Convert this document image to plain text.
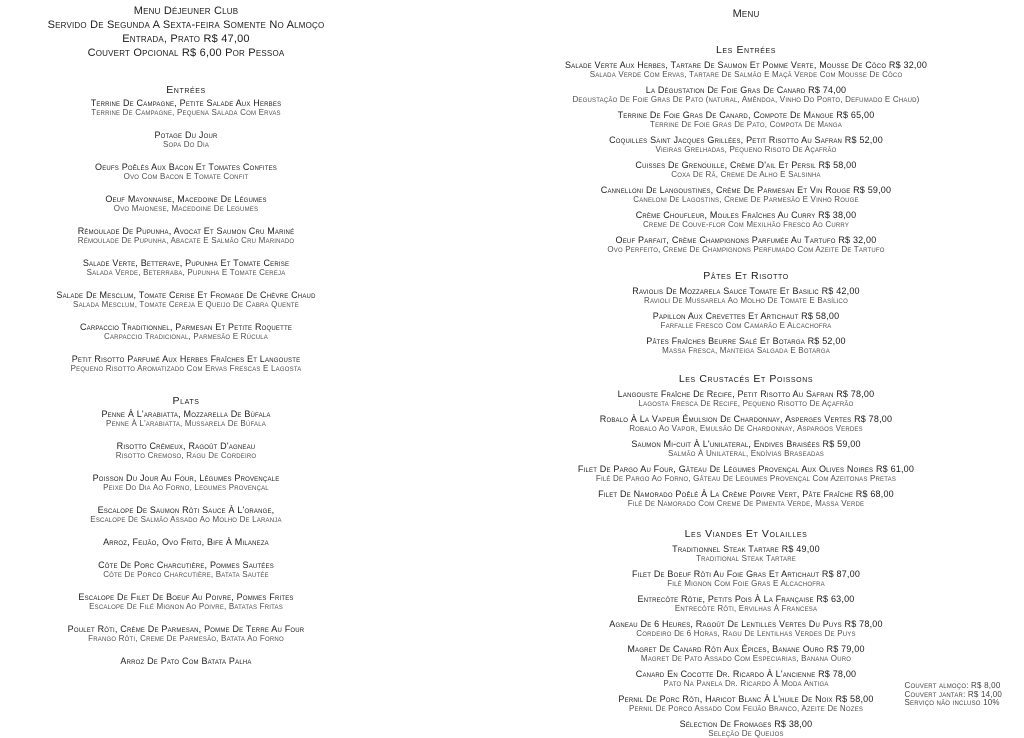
Menu Déjeuner Club
Servido De Segunda A Sexta-feira Somente No Almoço
Entrada, Prato R$ 47,00
Couvert Opcional R$ 6,00 Por Pessoa
Entrées
Terrine De Campagne, Petite Salade Aux Herbes
Terrine De Campagne, Pequena Salada Com Ervas
Potage Du Jour
Sopa Do Dia
Oeufs Poêlés Aux Bacon Et Tomates Confites
Ovo Com Bacon E Tomate Confit
Oeuf Mayonnaise, Macedoine De Légumes
Ovo Maionese, Macedoine De Legumes
Rémoulade De Pupunha, Avocat Et Saumon Cru Mariné
Rémoulade De Pupunha, Abacate E Salmão Cru Marinado
Salade Verte, Betterave, Pupunha Et Tomate Cerise
Salada Verde, Beterraba, Pupunha E Tomate Cereja
Salade De Mesclum, Tomate Cerise Et Fromage De Chèvre Chaud
Salada Mesclum, Tomate Cereja E Queijo De Cabra Quente
Carpaccio Traditionnel, Parmesan Et Petite Roquette
Carpaccio Tradicional, Parmesão E Rúcula
Petit Risotto Parfumé Aux Herbes Fraîches Et Langouste
Pequeno Risotto Aromatizado Com Ervas Frescas E Lagosta
Plats
Penne À L'arabiatta, Mozzarella De Búfala
Penne À L'arabiatta, Mussarela De Búfala
Risotto Crémeux, Ragoût D'agneau
Risotto Cremoso, Ragu De Cordeiro
Poisson Du Jour Au Four, Légumes Provençale
Peixe Do Dia Ao Forno, Legumes Provençal
Escalope De Saumon Rôti Sauce À L'orange,
Escalope De Salmão Assado Ao Molho De Laranja
Arroz, Feijão, Ovo Frito, Bife À Milaneza
Côte De Porc Charcutière, Pommes Sautées
Côte De Porco Charcutière, Batata Sautée
Escalope De Filet De Boeuf Au Poivre, Pommes Frites
Escalope De Filé Mignon Ao Poivre, Batatas Fritas
Poulet Rôti, Crème De Parmesan, Pomme De Terre Au Four
Frango Rôti, Creme De Parmesão, Batata Ao Forno
Arroz De Pato Com Batata Palha
Menu
Les Entrées
Salade Verte Aux Herbes, Tartare De Saumon Et Pomme Verte, Mousse De Côco R$ 32,00
Salada Verde Com Ervas, Tartare De Salmão E Maçã Verde Com Mousse De Côco
La Dégustation De Foie Gras De Canard R$ 74,00
Degustação De Foie Gras De Pato (natural, Amêndoa, Vinho Do Porto, Defumado E Chaud)
Terrine De Foie Gras De Canard, Compote De Mangue R$ 65,00
Terrine De Foie Gras De Pato, Compota De Manga
Coquilles Saint Jacques Grillées, Petit Risotto Au Safran R$ 52,00
Vieiras Grelhadas, Pequeno Risoto De Açafrão
Cuisses De Grenouille, Crème D'ail Et Persil R$ 58,00
Coxa De Rã, Creme De Alho E Salsinha
Cannelloni De Langoustines, Crème De Parmesan Et Vin Rouge R$ 59,00
Caneloni De Lagostins, Creme De Parmesão E Vinho Rouge
Crème Choufleur, Moules Fraîches Au Curry R$ 38,00
Creme De Couve-flor Com Mexilhão Fresco Ao Curry
Oeuf Parfait, Crème Champignons Parfumée Au Tartufo R$ 32,00
Ovo Perfeito, Creme De Champignons Perfumado Com Azeite De Tartufo
Pâtes Et Risotto
Raviolis De Mozzarela Sauce Tomate Et Basilic R$ 42,00
Ravioli De Mussarela Ao Molho De Tomate E Basílico
Papillon Aux Crevettes Et Artichaut R$ 58,00
Farfalle Fresco Com Camarão E Alcachofra
Pâtes Fraîches Beurre Salé Et Botarga R$ 52,00
Massa Fresca, Manteiga Salgada E Botarga
Les Crustacés Et Poissons
Langouste Fraîche De Recife, Petit Risotto Au Safran R$ 78,00
Lagosta Fresca De Recife, Pequeno Risotto De Açafrão
Robalo À La Vapeur Émulsion De Chardonnay, Asperges Vertes R$ 78,00
Robalo Ao Vapor, Emulsão De Chardonnay, Aspargos Verdes
Saumon Mi-cuit À L'unilateral, Endives Braisées R$ 59,00
Salmão À Unilateral, Endívias Braseadas
Filet De Pargo Au Four, Gâteau De Légumes Provençal Aux Olives Noires R$ 61,00
Filé De Pargo Ao Forno, Gâteau De Legumes Provençal Com Azeitonas Pretas
Filet De Namorado Poêlé À La Crème Poivre Vert, Pâte Fraîche R$ 68,00
Filé De Namorado Com Creme De Pimenta Verde, Massa Verde
Les Viandes Et Volailles
Traditionnel Steak Tartare R$ 49,00
Traditional Steak Tartare
Filet De Boeuf Rôti Au Foie Gras Et Artichaut R$ 87,00
Filé Mignon Com Foie Gras E Alcachofra
Entrecôte Rôtie, Petits Pois À La Française R$ 63,00
Entrecôte Rôti, Ervilhas À Francesa
Agneau De 6 Heures, Ragoût De Lentilles Vertes Du Puys R$ 78,00
Cordeiro De 6 Horas, Ragu De Lentilhas Verdes De Puys
Magret De Canard Rôti Aux Épices, Banane Ouro R$ 79,00
Magret De Pato Assado Com Especiarias, Banana Ouro
Canard En Cocotte Dr. Ricardo À L'ancienne R$ 78,00
Pato Na Panela Dr. Ricardo À Moda Antiga
Pernil De Porc Rôti, Haricot Blanc À L'huile De Noix R$ 58,00
Pernil De Porco Assado Com Feijão Branco, Azeite De Nozes
Sélection De Fromages R$ 38,00
Seleção De Queijos
Couvert almoço: R$ 8,00
Couvert jantar: R$ 14,00
Serviço não incluso 10%
